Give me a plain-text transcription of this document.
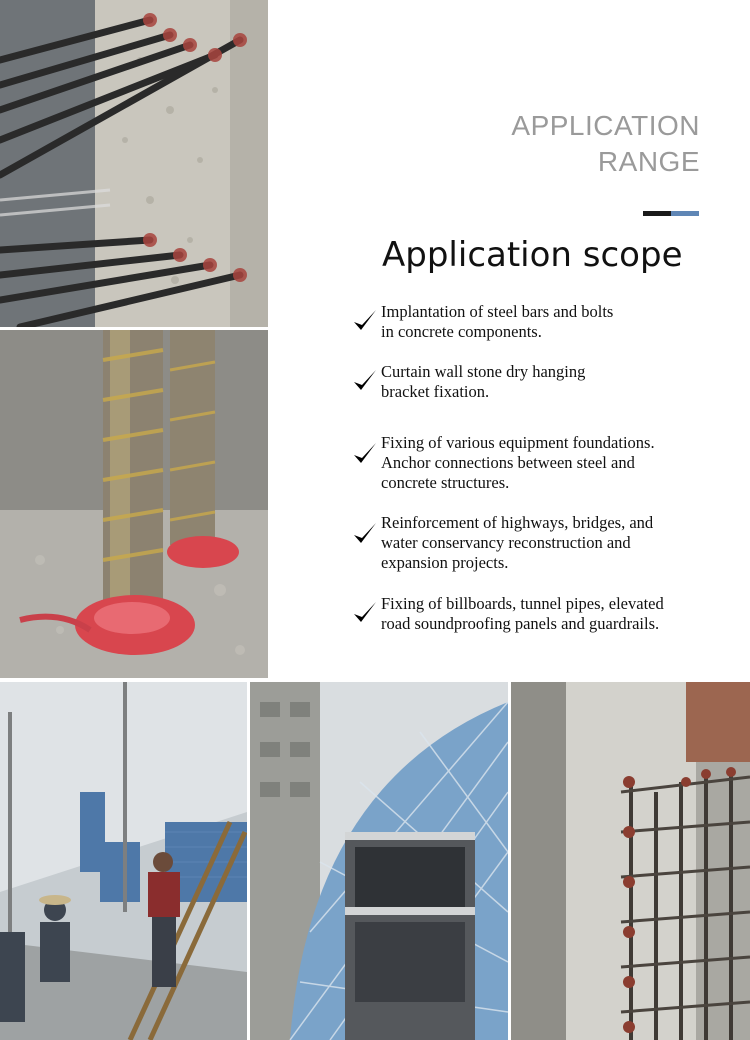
APPLICATION
RANGE
Application scope
Implantation of steel bars and bolts
in concrete components.
Curtain wall stone dry hanging
bracket fixation.
Fixing of various equipment foundations.
Anchor connections between steel and
concrete structures.
Reinforcement of highways, bridges, and
water conservancy reconstruction and
expansion projects.
Fixing of billboards, tunnel pipes, elevated
road soundproofing panels and guardrails.
